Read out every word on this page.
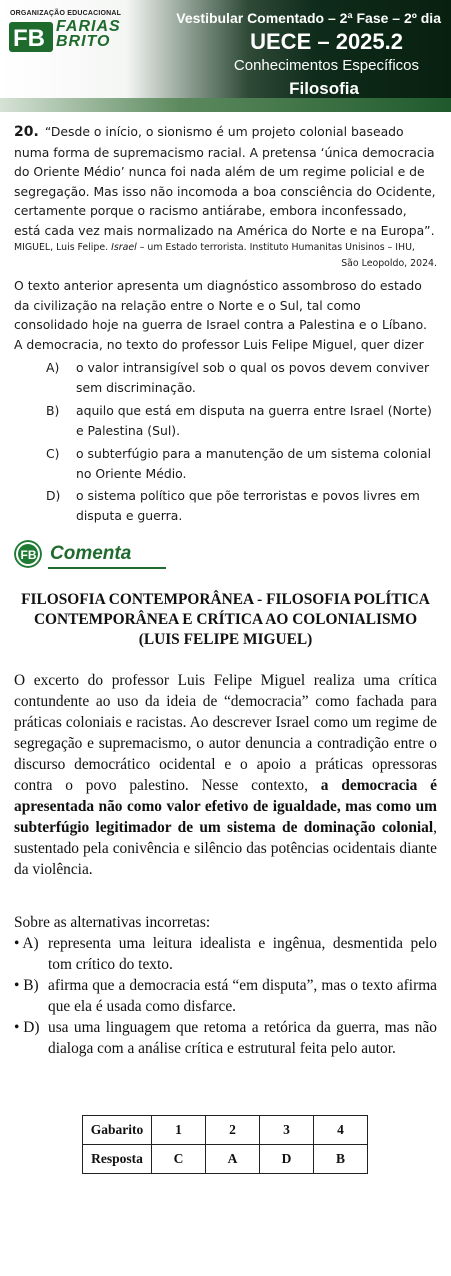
ORGANIZAÇÃO EDUCACIONAL
FB FARIAS
BRITO
Vestibular Comentado – 2ª Fase – 2º dia
UECE – 2025.2
Conhecimentos Específicos
Filosofia
20. “Desde o início, o sionismo é um projeto colonial baseado
numa forma de supremacismo racial. A pretensa ‘única democracia
do Oriente Médio’ nunca foi nada além de um regime policial e de
segregação. Mas isso não incomoda a boa consciência do Ocidente,
certamente porque o racismo antiárabe, embora inconfessado,
está cada vez mais normalizado na América do Norte e na Europa”.
MIGUEL, Luis Felipe. Israel – um Estado terrorista. Instituto Humanitas Unisinos – IHU,
São Leopoldo, 2024.
O texto anterior apresenta um diagnóstico assombroso do estado
da civilização na relação entre o Norte e o Sul, tal como
consolidado hoje na guerra de Israel contra a Palestina e o Líbano.
A democracia, no texto do professor Luis Felipe Miguel, quer dizer
A) o valor intransigível sob o qual os povos devem conviver sem discriminação.
B) aquilo que está em disputa na guerra entre Israel (Norte) e Palestina (Sul).
C) o subterfúgio para a manutenção de um sistema colonial no Oriente Médio.
D) o sistema político que põe terroristas e povos livres em disputa e guerra.
FB Comenta
FILOSOFIA CONTEMPORÂNEA - FILOSOFIA POLÍTICA CONTEMPORÂNEA E CRÍTICA AO COLONIALISMO (LUIS FELIPE MIGUEL)
O excerto do professor Luis Felipe Miguel realiza uma crítica contundente ao uso da ideia de “democracia” como fachada para práticas coloniais e racistas. Ao descrever Israel como um regime de segregação e supremacismo, o autor denuncia a contradição entre o discurso democrático ocidental e o apoio a práticas opressoras contra o povo palestino. Nesse contexto, a democracia é apresentada não como valor efetivo de igualdade, mas como um subterfúgio legitimador de um sistema de dominação colonial, sustentado pela conivência e silêncio das potências ocidentais diante da violência.
Sobre as alternativas incorretas:
• A) representa uma leitura idealista e ingênua, desmentida pelo tom crítico do texto.
• B) afirma que a democracia está “em disputa”, mas o texto afirma que ela é usada como disfarce.
• D) usa uma linguagem que retoma a retórica da guerra, mas não dialoga com a análise crítica e estrutural feita pelo autor.
Gabarito	1	2	3	4
Resposta	C	A	D	B
